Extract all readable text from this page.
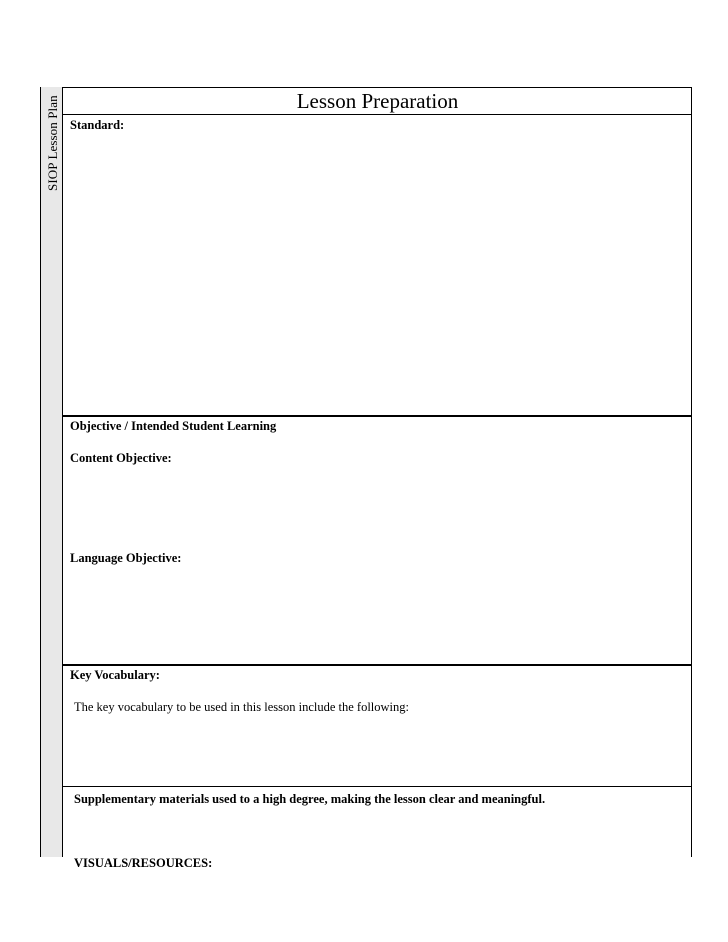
SIOP Lesson Plan	Lesson Preparation
Standard:
Objective / Intended Student Learning
Content Objective:
Language Objective:
Key Vocabulary:
The key vocabulary to be used in this lesson include the following:
Supplementary materials used to a high degree, making the lesson clear and meaningful.
VISUALS/RESOURCES:
